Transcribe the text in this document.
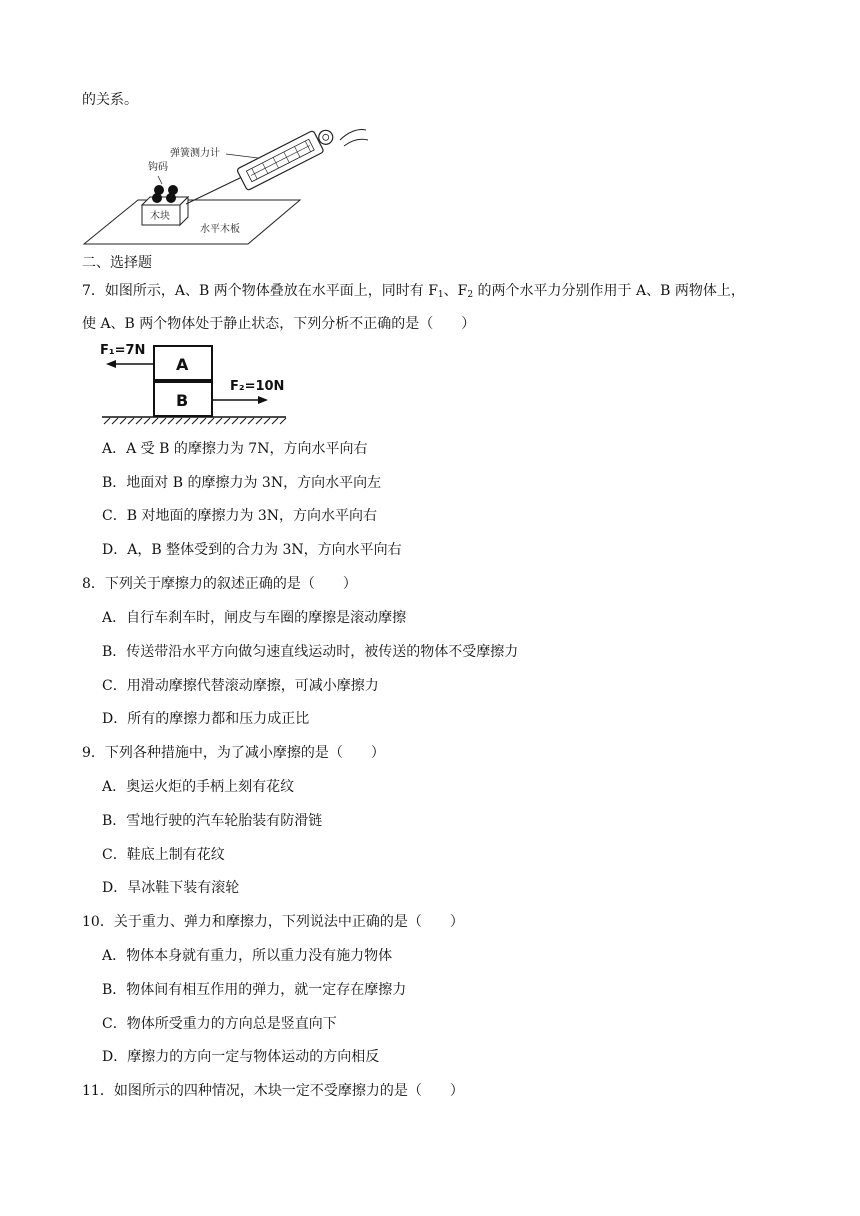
的关系。
弹簧测力计
钩码
木块
水平木板
二、选择题
7．如图所示，A、B 两个物体叠放在水平面上，同时有 $F_1$、$F_2$ 的两个水平力分别作用于 A、B 两物体上，
使 A、B 两个物体处于静止状态，下列分析不正确的是（　　）
A
B
F₁=7N
F₂=10N
A．A 受 B 的摩擦力为 7N，方向水平向右
B．地面对 B 的摩擦力为 3N，方向水平向左
C．B 对地面的摩擦力为 3N，方向水平向右
D．A，B 整体受到的合力为 3N，方向水平向右
8．下列关于摩擦力的叙述正确的是（　　）
A．自行车刹车时，闸皮与车圈的摩擦是滚动摩擦
B．传送带沿水平方向做匀速直线运动时，被传送的物体不受摩擦力
C．用滑动摩擦代替滚动摩擦，可减小摩擦力
D．所有的摩擦力都和压力成正比
9．下列各种措施中，为了减小摩擦的是（　　）
A．奥运火炬的手柄上刻有花纹
B．雪地行驶的汽车轮胎装有防滑链
C．鞋底上制有花纹
D．旱冰鞋下装有滚轮
10．关于重力、弹力和摩擦力，下列说法中正确的是（　　）
A．物体本身就有重力，所以重力没有施力物体
B．物体间有相互作用的弹力，就一定存在摩擦力
C．物体所受重力的方向总是竖直向下
D．摩擦力的方向一定与物体运动的方向相反
11．如图所示的四种情况，木块一定不受摩擦力的是（　　）
